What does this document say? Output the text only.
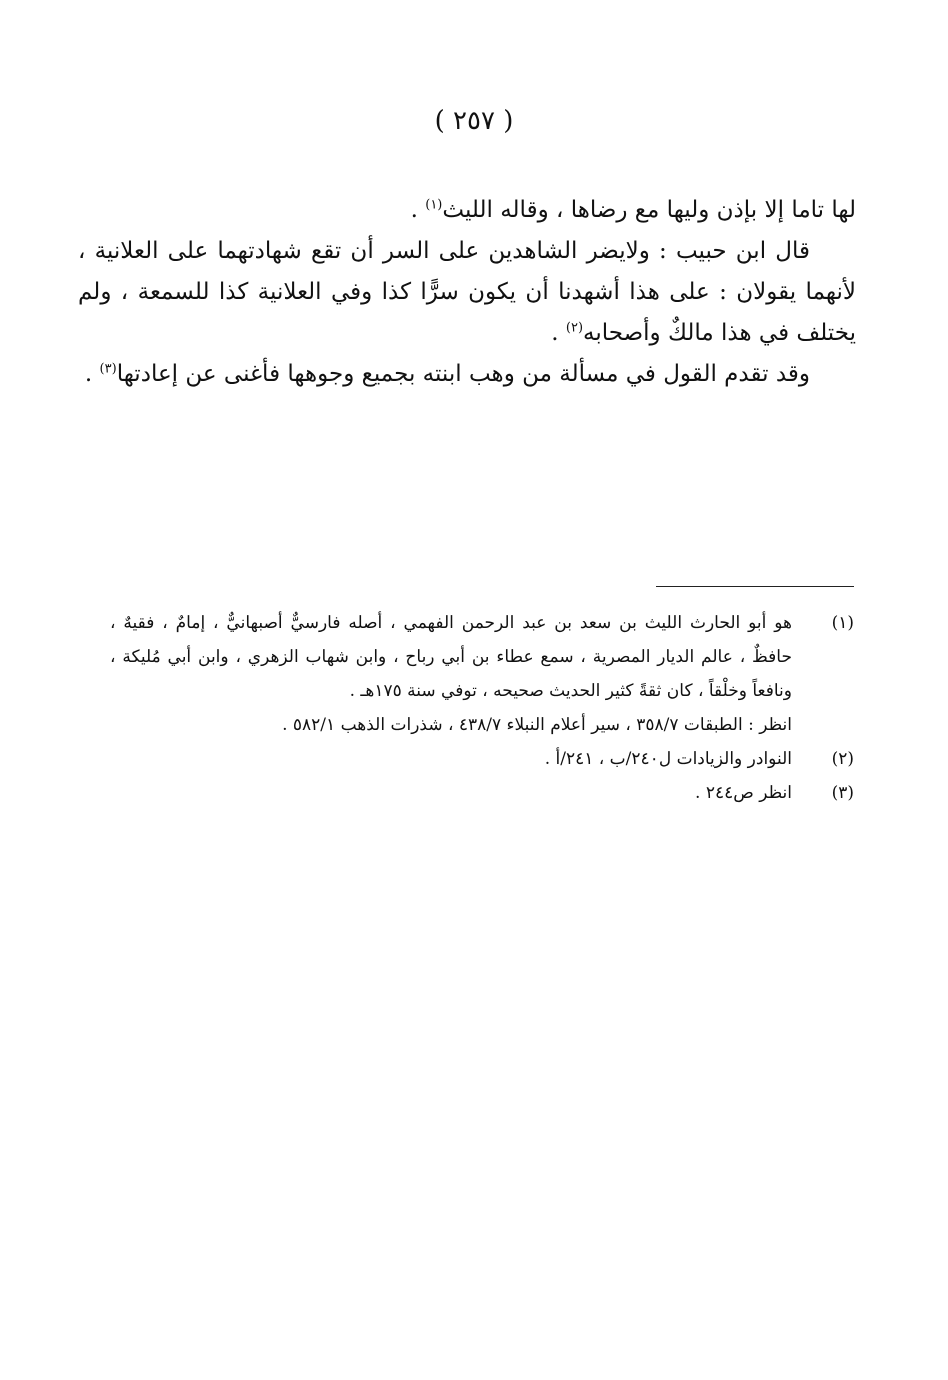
( ٢٥٧ )

لها تاما إلا بإذن وليها مع رضاها ، وقاله الليث$^{(١)}$ .

قال ابن حبيب : ولايضر الشاهدين على السر أن تقع شهادتهما على العلانية ، لأنهما يقولان : على هذا أشهدنا أن يكون سرًّا كذا وفي العلانية كذا للسمعة ، ولم يختلف في هذا مالكٌ وأصحابه$^{(٢)}$ .

وقد تقدم القول في مسألة من وهب ابنته بجميع وجوهها فأغنى عن إعادتها$^{(٣)}$ .

(١)
هو أبو الحارث الليث بن سعد بن عبد الرحمن الفهمي ، أصله فارسيٌّ أصبهانيٌّ ، إمامٌ ، فقيهٌ ، حافظٌ ، عالم الديار المصرية ، سمع عطاء بن أبي رباح ، وابن شهاب الزهري ، وابن أبي مُليكة ، ونافعاً وخلْقاً ، كان ثقةً كثير الحديث صحيحه ، توفي سنة ١٧٥هـ .
انظر : الطبقات ٣٥٨/٧ ، سير أعلام النبلاء ٤٣٨/٧ ، شذرات الذهب ٥٨٢/١ .
(٢)
النوادر والزيادات ل٢٤٠/ب ، ٢٤١/أ .
(٣)
انظر ص٢٤٤ .
